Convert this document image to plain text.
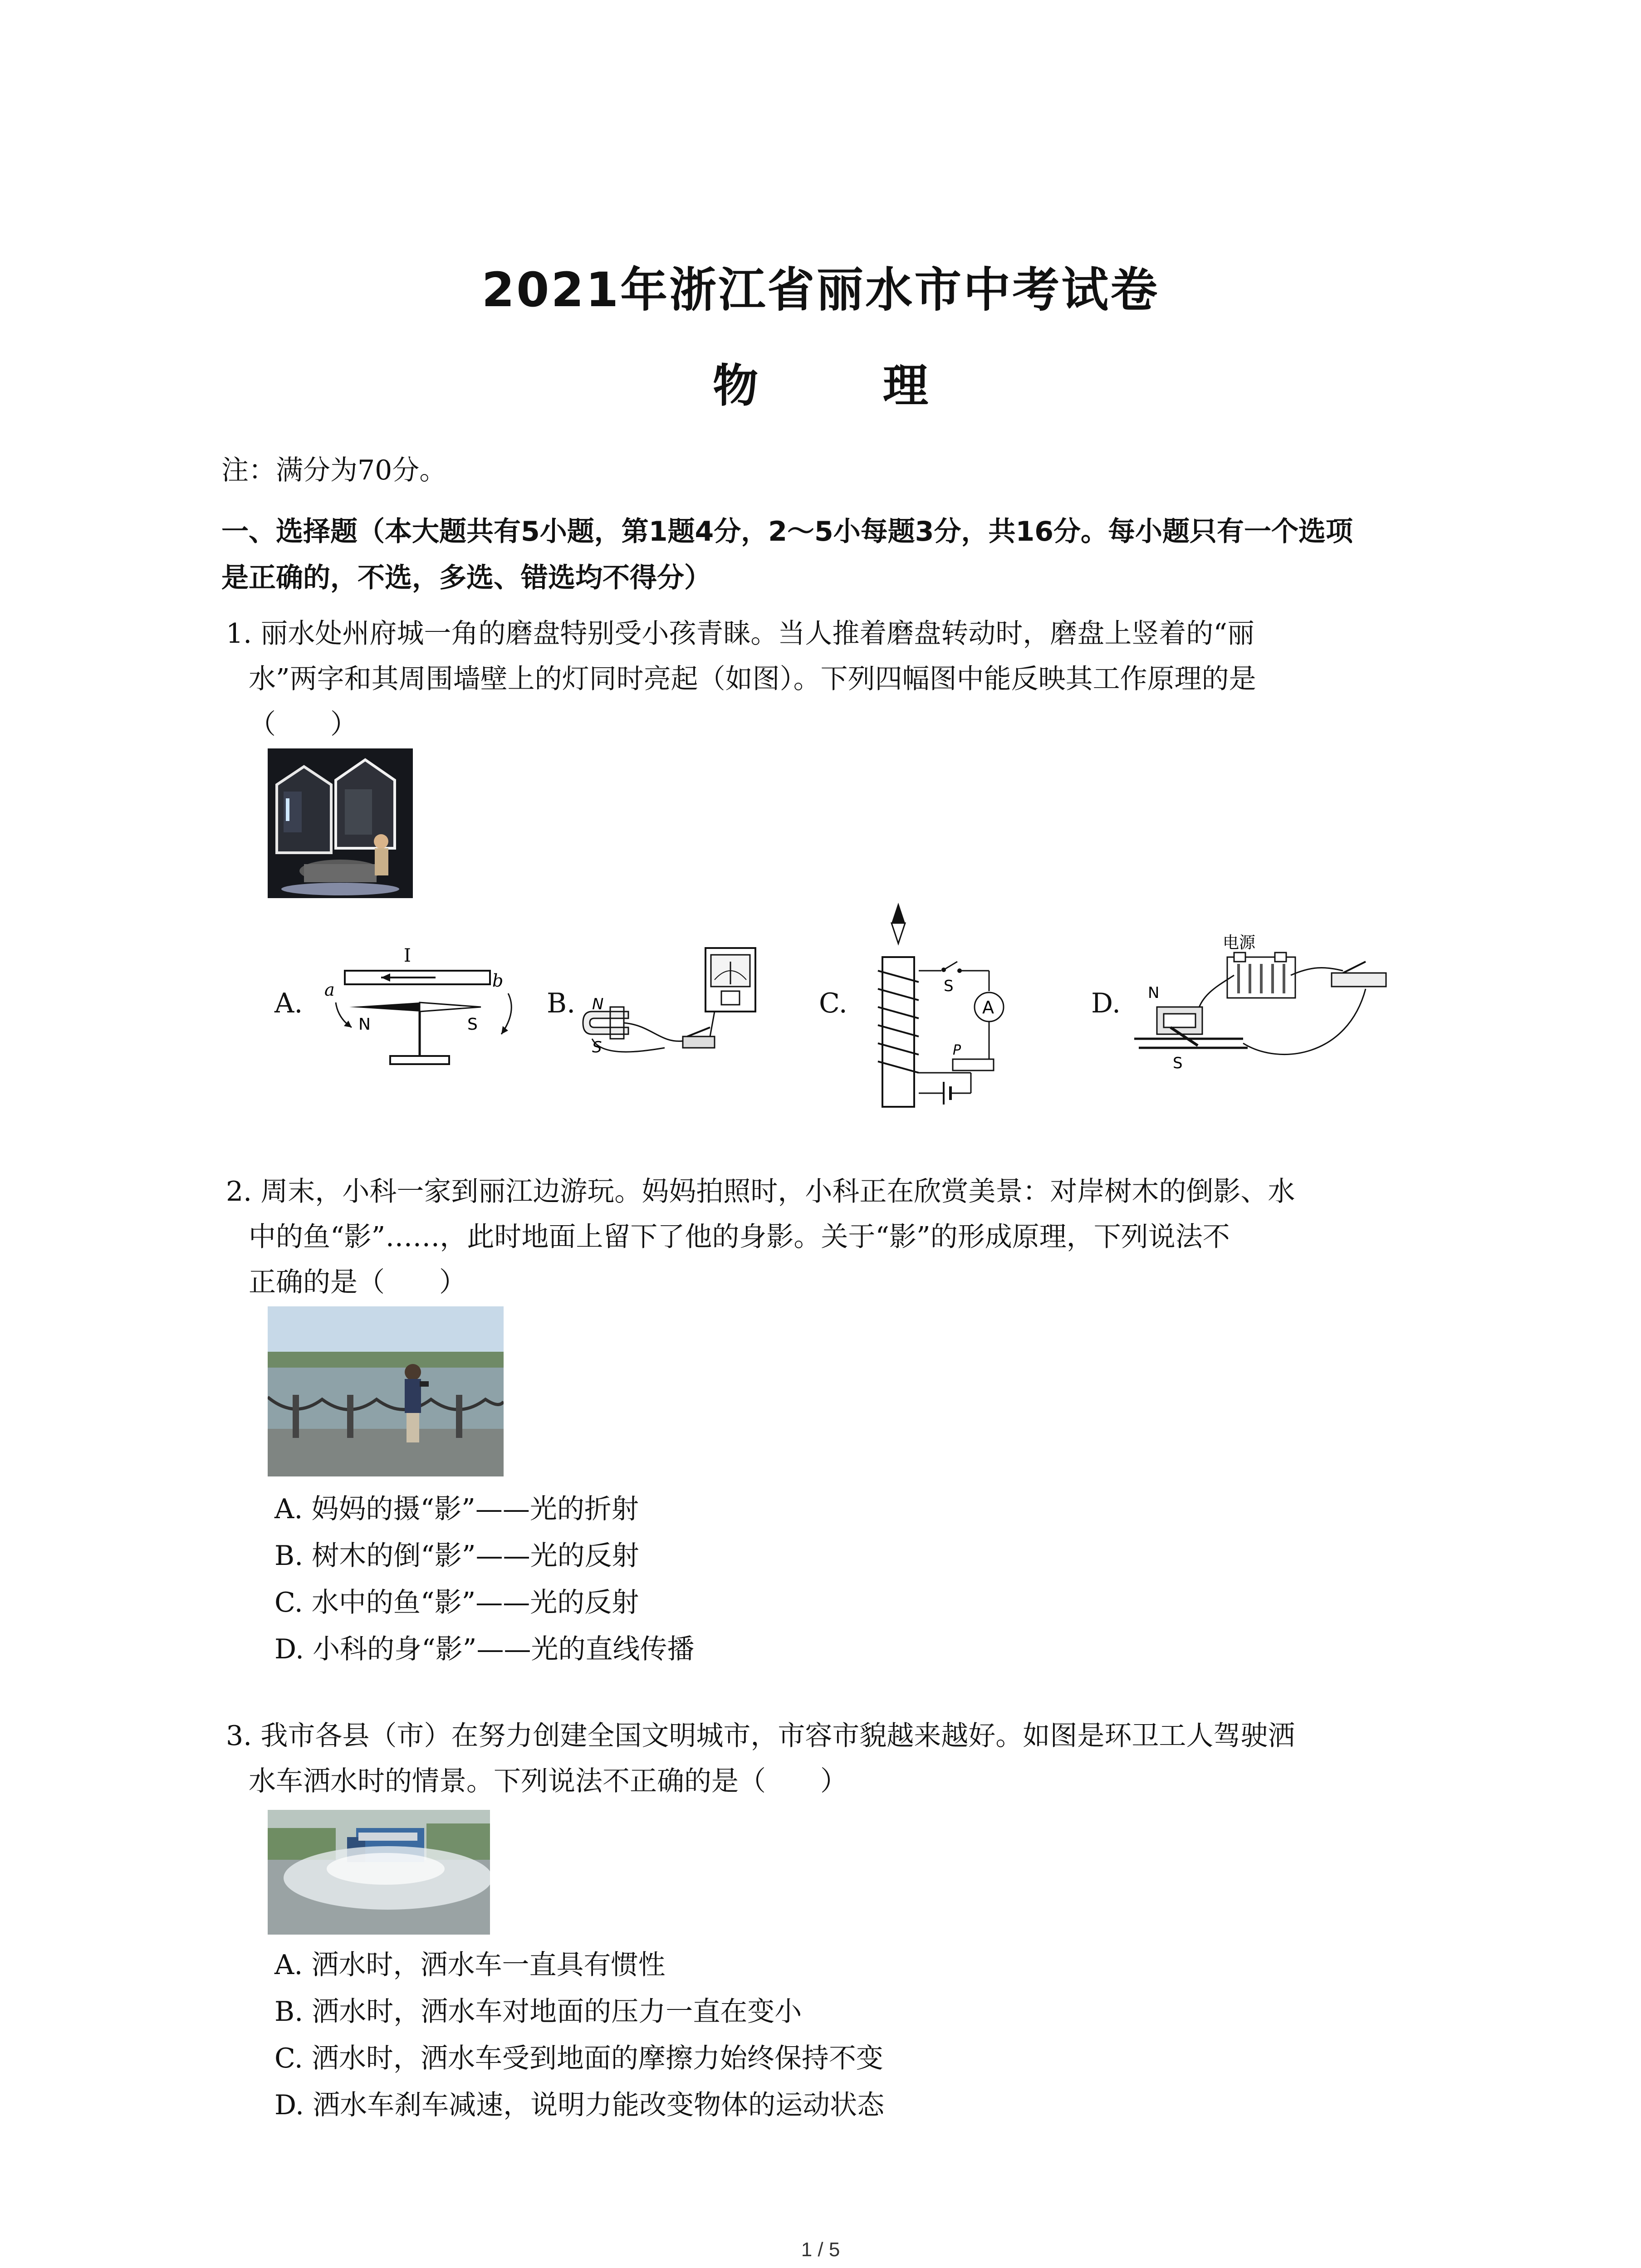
2021年浙江省丽水市中考试卷
物 理
注：满分为70分。
一、选择题（本大题共有5小题，第1题4分，2～5小每题3分，共16分。每小题只有一个选项
是正确的，不选，多选、错选均不得分）
1. 丽水处州府城一角的磨盘特别受小孩青睐。当人推着磨盘转动时，磨盘上竖着的“丽
水”两字和其周围墙壁上的灯同时亮起（如图）。下列四幅图中能反映其工作原理的是
（　　）
A.	B.	C.	D.
I
a	b
N	S
N
S
S
A
P
电源
N
S
2. 周末，小科一家到丽江边游玩。妈妈拍照时，小科正在欣赏美景：对岸树木的倒影、水
中的鱼“影”……，此时地面上留下了他的身影。关于“影”的形成原理，下列说法不
正确的是（　　）
A. 妈妈的摄“影”——光的折射
B. 树木的倒“影”——光的反射
C. 水中的鱼“影”——光的反射
D. 小科的身“影”——光的直线传播
3. 我市各县（市）在努力创建全国文明城市，市容市貌越来越好。如图是环卫工人驾驶洒
水车洒水时的情景。下列说法不正确的是（　　）
A. 洒水时，洒水车一直具有惯性
B. 洒水时，洒水车对地面的压力一直在变小
C. 洒水时，洒水车受到地面的摩擦力始终保持不变
D. 洒水车刹车减速，说明力能改变物体的运动状态
1 / 5
